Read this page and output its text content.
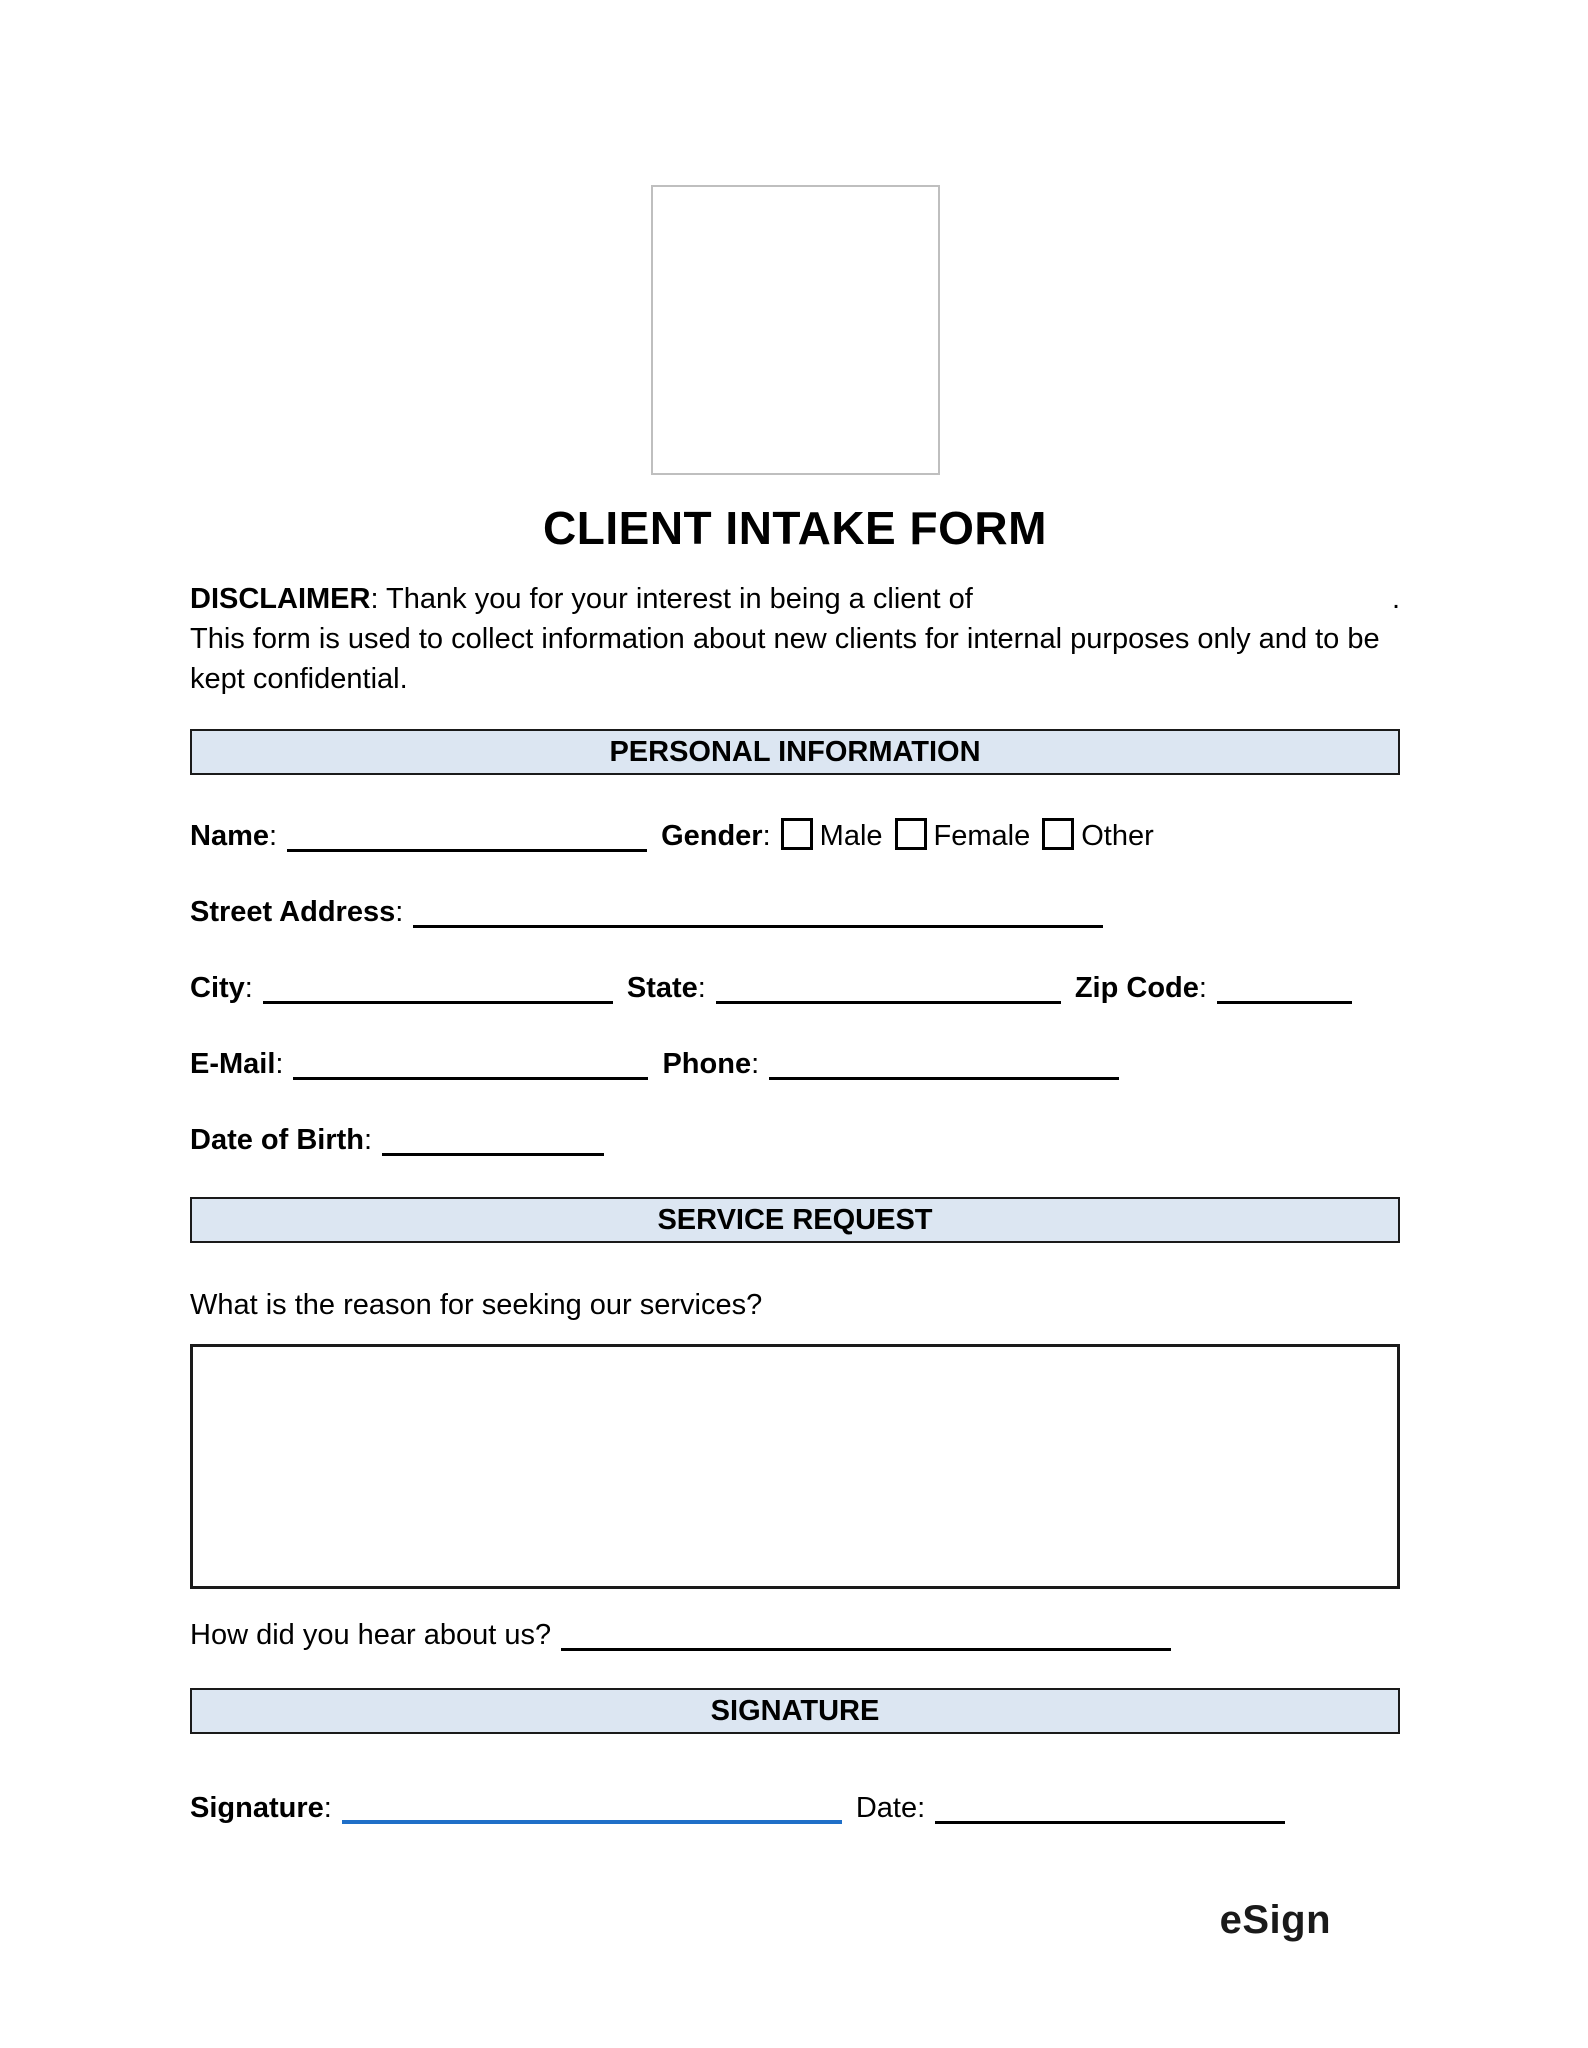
CLIENT INTAKE FORM
DISCLAIMER: Thank you for your interest in being a client of	.
This form is used to collect information about new clients for internal purposes only and to be kept confidential.
PERSONAL INFORMATION
Name:	Gender: Male Female Other
Street Address:
City:	State:	Zip Code:
E-Mail:	Phone:
Date of Birth:
SERVICE REQUEST
What is the reason for seeking our services?
How did you hear about us?
SIGNATURE
Signature:	Date:
eSign
